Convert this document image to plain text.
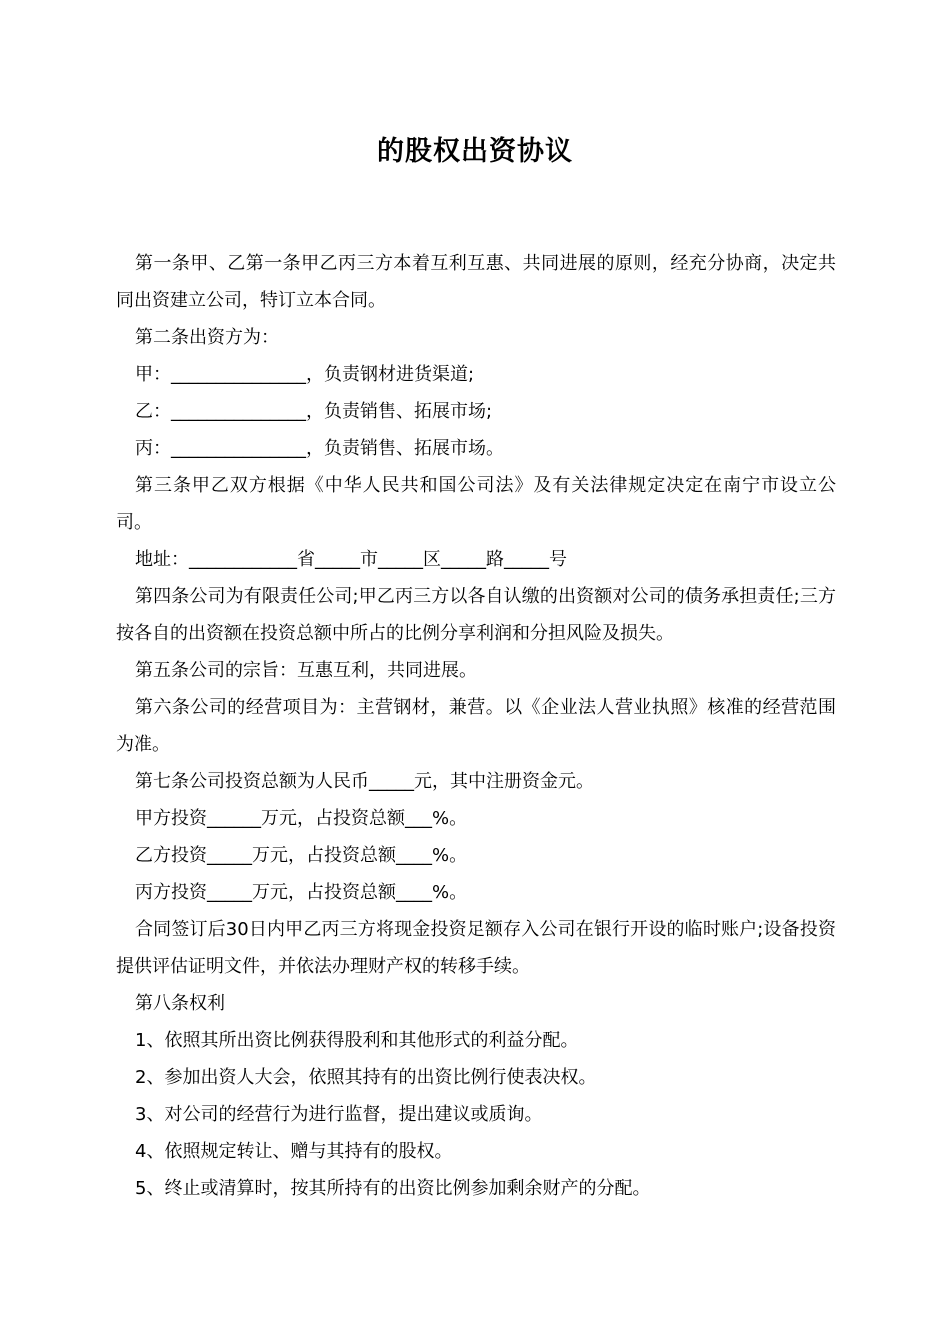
的股权出资协议

第一条甲、乙第一条甲乙丙三方本着互利互惠、共同进展的原则，经充分协商，决定共同出资建立公司，特订立本合同。

第二条出资方为：

甲：_______________，负责钢材进货渠道;

乙：_______________，负责销售、拓展市场;

丙：_______________，负责销售、拓展市场。

第三条甲乙双方根据《中华人民共和国公司法》及有关法律规定决定在南宁市设立公司。

地址：____________省_____市_____区_____路_____号

第四条公司为有限责任公司;甲乙丙三方以各自认缴的出资额对公司的债务承担责任;三方按各自的出资额在投资总额中所占的比例分享利润和分担风险及损失。

第五条公司的宗旨：互惠互利，共同进展。

第六条公司的经营项目为：主营钢材，兼营。以《企业法人营业执照》核准的经营范围为准。

第七条公司投资总额为人民币_____元，其中注册资金元。

甲方投资______万元，占投资总额___%。

乙方投资_____万元，占投资总额____%。

丙方投资_____万元，占投资总额____%。

合同签订后30日内甲乙丙三方将现金投资足额存入公司在银行开设的临时账户;设备投资提供评估证明文件，并依法办理财产权的转移手续。

第八条权利

1、依照其所出资比例获得股利和其他形式的利益分配。

2、参加出资人大会，依照其持有的出资比例行使表决权。

3、对公司的经营行为进行监督，提出建议或质询。

4、依照规定转让、赠与其持有的股权。

5、终止或清算时，按其所持有的出资比例参加剩余财产的分配。
